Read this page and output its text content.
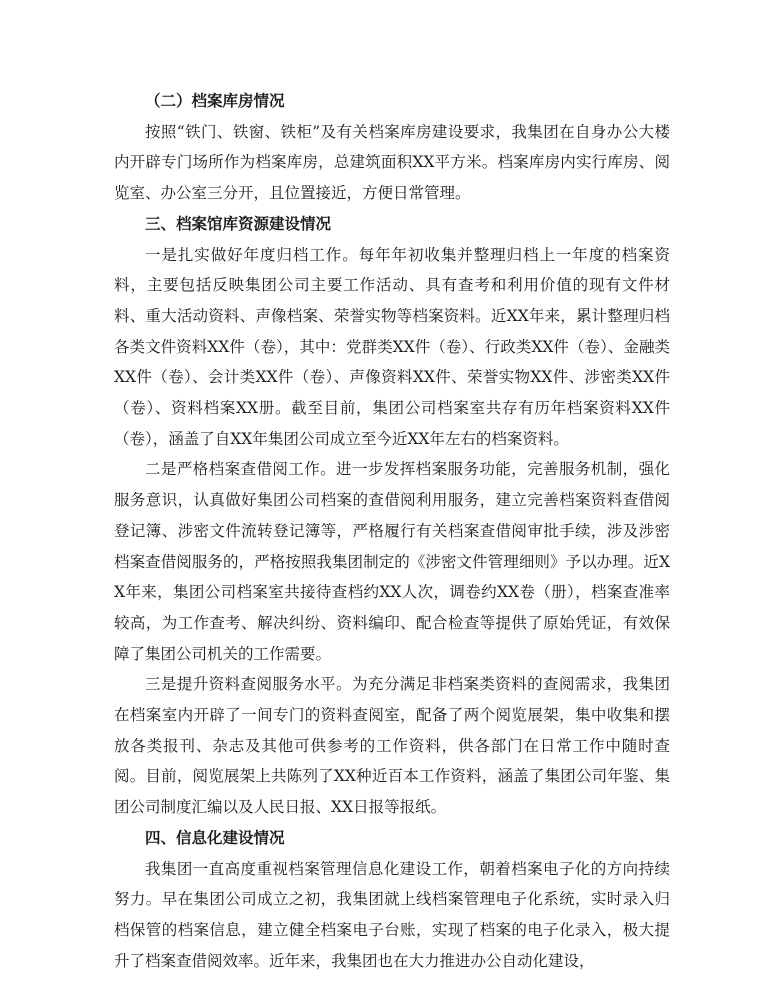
（二）档案库房情况

按照“铁门、铁窗、铁柜”及有关档案库房建设要求，我集团在自身办公大楼内开辟专门场所作为档案库房，总建筑面积XX平方米。档案库房内实行库房、阅览室、办公室三分开，且位置接近，方便日常管理。

三、档案馆库资源建设情况

一是扎实做好年度归档工作。每年年初收集并整理归档上一年度的档案资料，主要包括反映集团公司主要工作活动、具有查考和利用价值的现有文件材料、重大活动资料、声像档案、荣誉实物等档案资料。近XX年来，累计整理归档各类文件资料XX件（卷），其中：党群类XX件（卷）、行政类XX件（卷）、金融类XX件（卷）、会计类XX件（卷）、声像资料XX件、荣誉实物XX件、涉密类XX件（卷）、资料档案XX册。截至目前，集团公司档案室共存有历年档案资料XX件（卷），涵盖了自XX年集团公司成立至今近XX年左右的档案资料。

二是严格档案查借阅工作。进一步发挥档案服务功能，完善服务机制，强化服务意识，认真做好集团公司档案的查借阅利用服务，建立完善档案资料查借阅登记簿、涉密文件流转登记簿等，严格履行有关档案查借阅审批手续，涉及涉密档案查借阅服务的，严格按照我集团制定的《涉密文件管理细则》予以办理。近XX年来，集团公司档案室共接待查档约XX人次，调卷约XX卷（册），档案查准率较高，为工作查考、解决纠纷、资料编印、配合检查等提供了原始凭证，有效保障了集团公司机关的工作需要。

三是提升资料查阅服务水平。为充分满足非档案类资料的查阅需求，我集团在档案室内开辟了一间专门的资料查阅室，配备了两个阅览展架，集中收集和摆放各类报刊、杂志及其他可供参考的工作资料，供各部门在日常工作中随时查阅。目前，阅览展架上共陈列了XX种近百本工作资料，涵盖了集团公司年鉴、集团公司制度汇编以及人民日报、XX日报等报纸。

四、信息化建设情况

我集团一直高度重视档案管理信息化建设工作，朝着档案电子化的方向持续努力。早在集团公司成立之初，我集团就上线档案管理电子化系统，实时录入归档保管的档案信息，建立健全档案电子台账，实现了档案的电子化录入，极大提升了档案查借阅效率。近年来，我集团也在大力推进办公自动化建设，
